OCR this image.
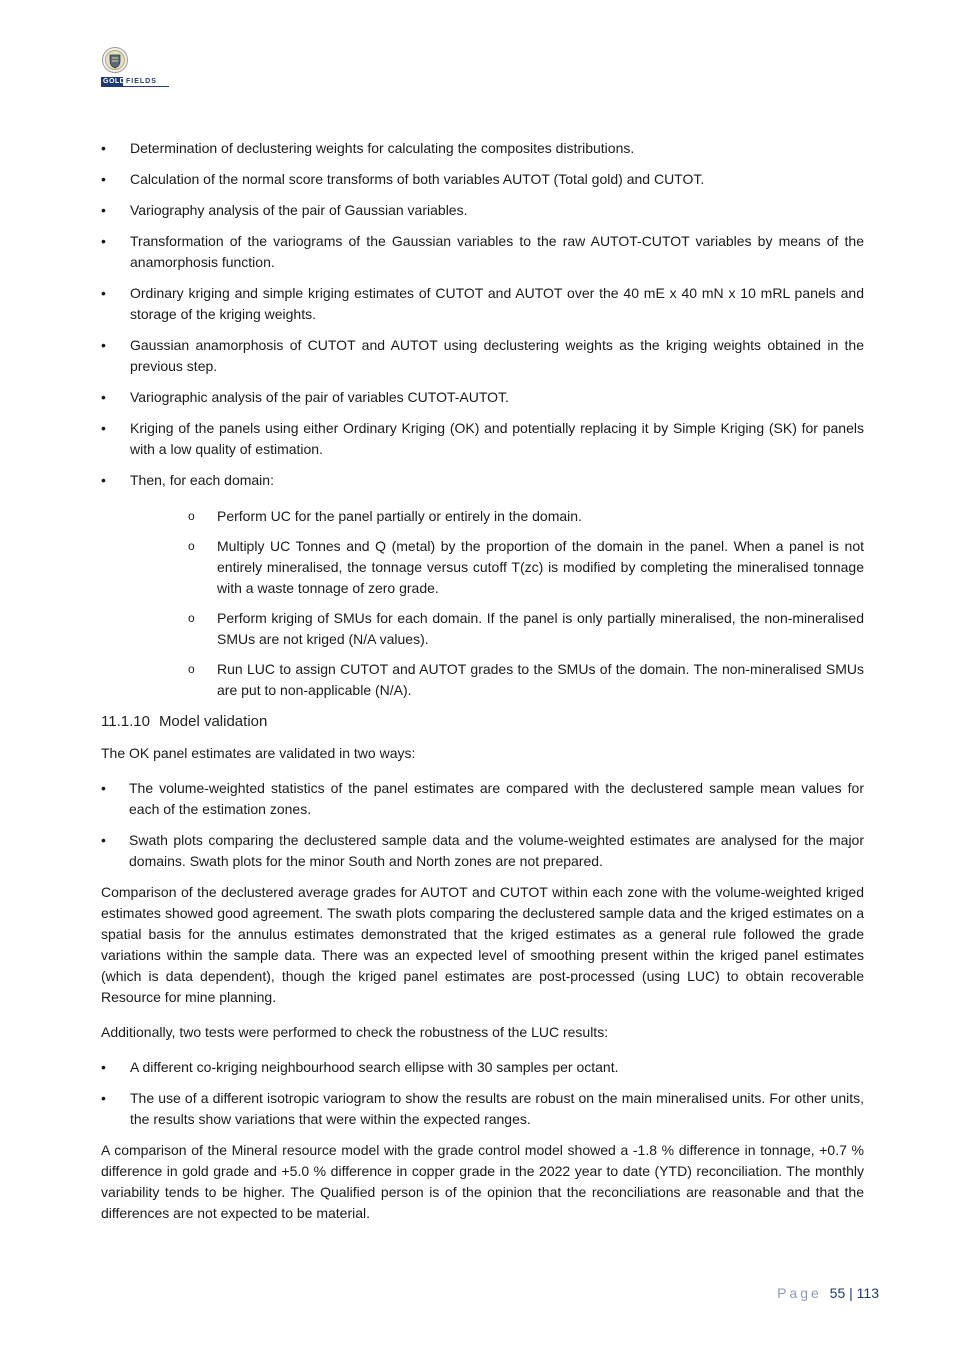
GOLD FIELDS
• Determination of declustering weights for calculating the composites distributions.
• Calculation of the normal score transforms of both variables AUTOT (Total gold) and CUTOT.
• Variography analysis of the pair of Gaussian variables.
• Transformation of the variograms of the Gaussian variables to the raw AUTOT-CUTOT variables by means of the anamorphosis function.
• Ordinary kriging and simple kriging estimates of CUTOT and AUTOT over the 40 mE x 40 mN x 10 mRL panels and storage of the kriging weights.
• Gaussian anamorphosis of CUTOT and AUTOT using declustering weights as the kriging weights obtained in the previous step.
• Variographic analysis of the pair of variables CUTOT-AUTOT.
• Kriging of the panels using either Ordinary Kriging (OK) and potentially replacing it by Simple Kriging (SK) for panels with a low quality of estimation.
• Then, for each domain:
o Perform UC for the panel partially or entirely in the domain.
o Multiply UC Tonnes and Q (metal) by the proportion of the domain in the panel. When a panel is not entirely mineralised, the tonnage versus cutoff T(zc) is modified by completing the mineralised tonnage with a waste tonnage of zero grade.
o Perform kriging of SMUs for each domain. If the panel is only partially mineralised, the non-mineralised SMUs are not kriged (N/A values).
o Run LUC to assign CUTOT and AUTOT grades to the SMUs of the domain. The non-mineralised SMUs are put to non-applicable (N/A).
11.1.10 Model validation

The OK panel estimates are validated in two ways:

• The volume-weighted statistics of the panel estimates are compared with the declustered sample mean values for each of the estimation zones.
• Swath plots comparing the declustered sample data and the volume-weighted estimates are analysed for the major domains. Swath plots for the minor South and North zones are not prepared.

Comparison of the declustered average grades for AUTOT and CUTOT within each zone with the volume-weighted kriged estimates showed good agreement. The swath plots comparing the declustered sample data and the kriged estimates on a spatial basis for the annulus estimates demonstrated that the kriged estimates as a general rule followed the grade variations within the sample data. There was an expected level of smoothing present within the kriged panel estimates (which is data dependent), though the kriged panel estimates are post-processed (using LUC) to obtain recoverable Resource for mine planning.

Additionally, two tests were performed to check the robustness of the LUC results:

• A different co-kriging neighbourhood search ellipse with 30 samples per octant.
• The use of a different isotropic variogram to show the results are robust on the main mineralised units. For other units, the results show variations that were within the expected ranges.

A comparison of the Mineral resource model with the grade control model showed a -1.8 % difference in tonnage, +0.7 % difference in gold grade and +5.0 % difference in copper grade in the 2022 year to date (YTD) reconciliation. The monthly variability tends to be higher. The Qualified person is of the opinion that the reconciliations are reasonable and that the differences are not expected to be material.

Page 55 | 113
